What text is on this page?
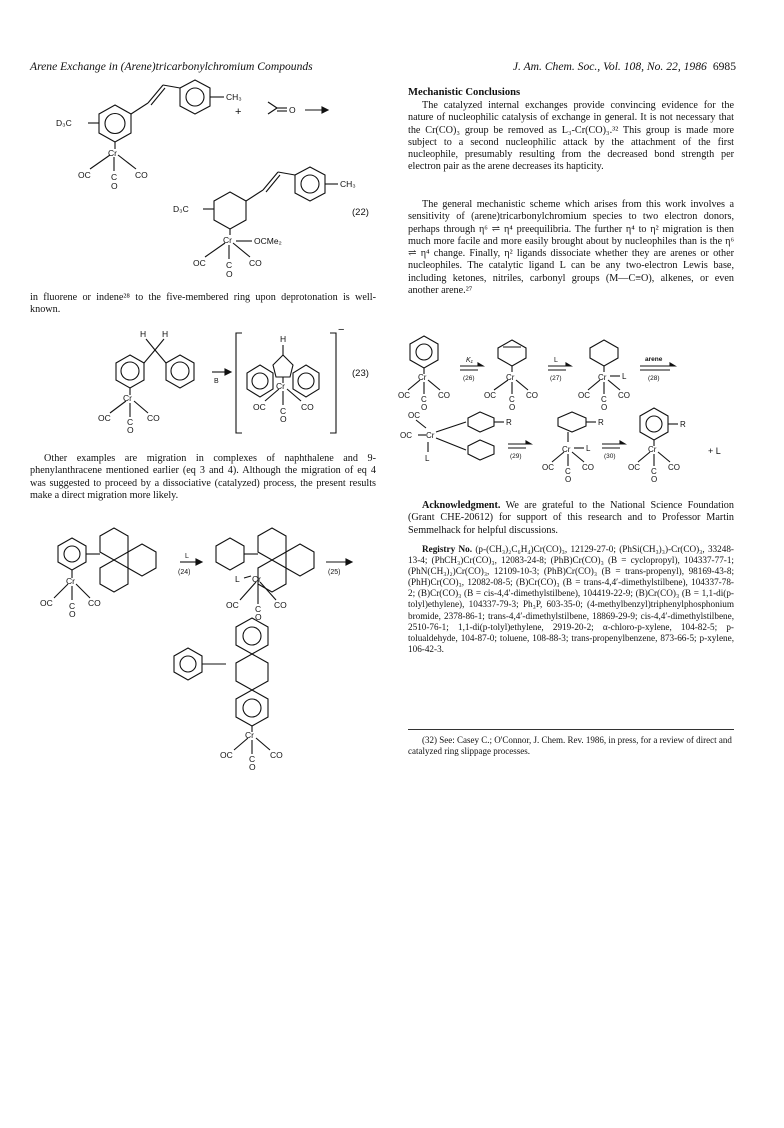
Arene Exchange in (Arene)tricarbonylchromium Compounds	J. Am. Chem. Soc., Vol. 108, No. 22, 1986 6985
D₃C
CH₃
Cr
OC	CO
C
O
+	O
D₃C
CH₃
Cr	OCMe₂
OC	CO
C
O
(22)

in fluorene or indene²⁸ to the five-membered ring upon deprotonation is well-known.

H H
Cr
OC	CO
C
O
B
H
Cr
OC	CO
C
O
−
(23)

Other examples are migration in complexes of naphthalene and 9-phenylanthracene mentioned earlier (eq 3 and 4). Although the migration of eq 4 was suggested to proceed by a dissociative (catalyzed) process, the present results make a direct migration more likely.

Cr
OC	CO
C
O
L
(24)
Cr
L
OC	CO
C
O
(25)
Cr
OC	CO
C
O
Mechanistic Conclusions

The catalyzed internal exchanges provide convincing evidence for the nature of nucleophilic catalysis of exchange in general. It is not necessary that the Cr(CO)₃ group be removed as L₃-Cr(CO)₃.³² This group is made more subject to a second nucleophilic attack by the attachment of the first nucleophile, presumably resulting from the decreased bond strength per electron pair as the arene decreases its hapticity.

The general mechanistic scheme which arises from this work involves a sensitivity of (arene)tricarbonylchromium species to two electron donors, perhaps through η⁶ ⇌ η⁴ preequilibria. The further η⁴ to η² migration is then much more facile and more easily brought about by nucleophiles than is the η⁶ ⇌ η⁴ change. Finally, η² ligands dissociate whether they are arenes or other nucleophiles. The catalytic ligand L can be any two-electron Lewis base, including ketones, nitriles, carbonyl groups (M—C≡O), alkenes, or even another arene.²⁷

Cr
OC	CO
C
O
K₁
(26)	Cr
OC	CO
C
O
L
(27)	Cr L
OC	CO
C
O
arene
(28)
R
OC
OC Cr
L	(29)
R
Cr L
OC	CO
C
O
(30)
R
Cr
OC	CO
C
O
+ L

Acknowledgment. We are grateful to the National Science Foundation (Grant CHE-20612) for support of this research and to Professor Martin Semmelhack for helpful discussions.

Registry No. (p-(CH₃)₂C₆H₄)Cr(CO)₃, 12129-27-0; (PhSi(CH₃)₃)-Cr(CO)₃, 33248-13-4; (PhCH₃)Cr(CO)₃, 12083-24-8; (PhB)Cr(CO)₃ (B = cyclopropyl), 104337-77-1; (PhN(CH₃)₂)Cr(CO)₃, 12109-10-3; (PhB)Cr(CO)₃ (B = trans-propenyl), 98169-43-8; (PhH)Cr(CO)₃, 12082-08-5; (B)Cr(CO)₃ (B = trans-4,4′-dimethylstilbene), 104337-78-2; (B)Cr(CO)₃ (B = cis-4,4′-dimethylstilbene), 104419-22-9; (B)Cr(CO)₃ (B = 1,1-di(p-tolyl)ethylene), 104337-79-3; Ph₃P, 603-35-0; (4-methylbenzyl)triphenylphosphonium bromide, 2378-86-1; trans-4,4′-dimethylstilbene, 18869-29-9; cis-4,4′-dimethylstilbene, 2510-76-1; 1,1-di(p-tolyl)ethylene, 2919-20-2; α-chloro-p-xylene, 104-82-5; p-tolualdehyde, 104-87-0; toluene, 108-88-3; trans-propenylbenzene, 873-66-5; p-xylene, 106-42-3.

(32) See: Casey C.; O'Connor, J. Chem. Rev. 1986, in press, for a review of direct and catalyzed ring slippage processes.
